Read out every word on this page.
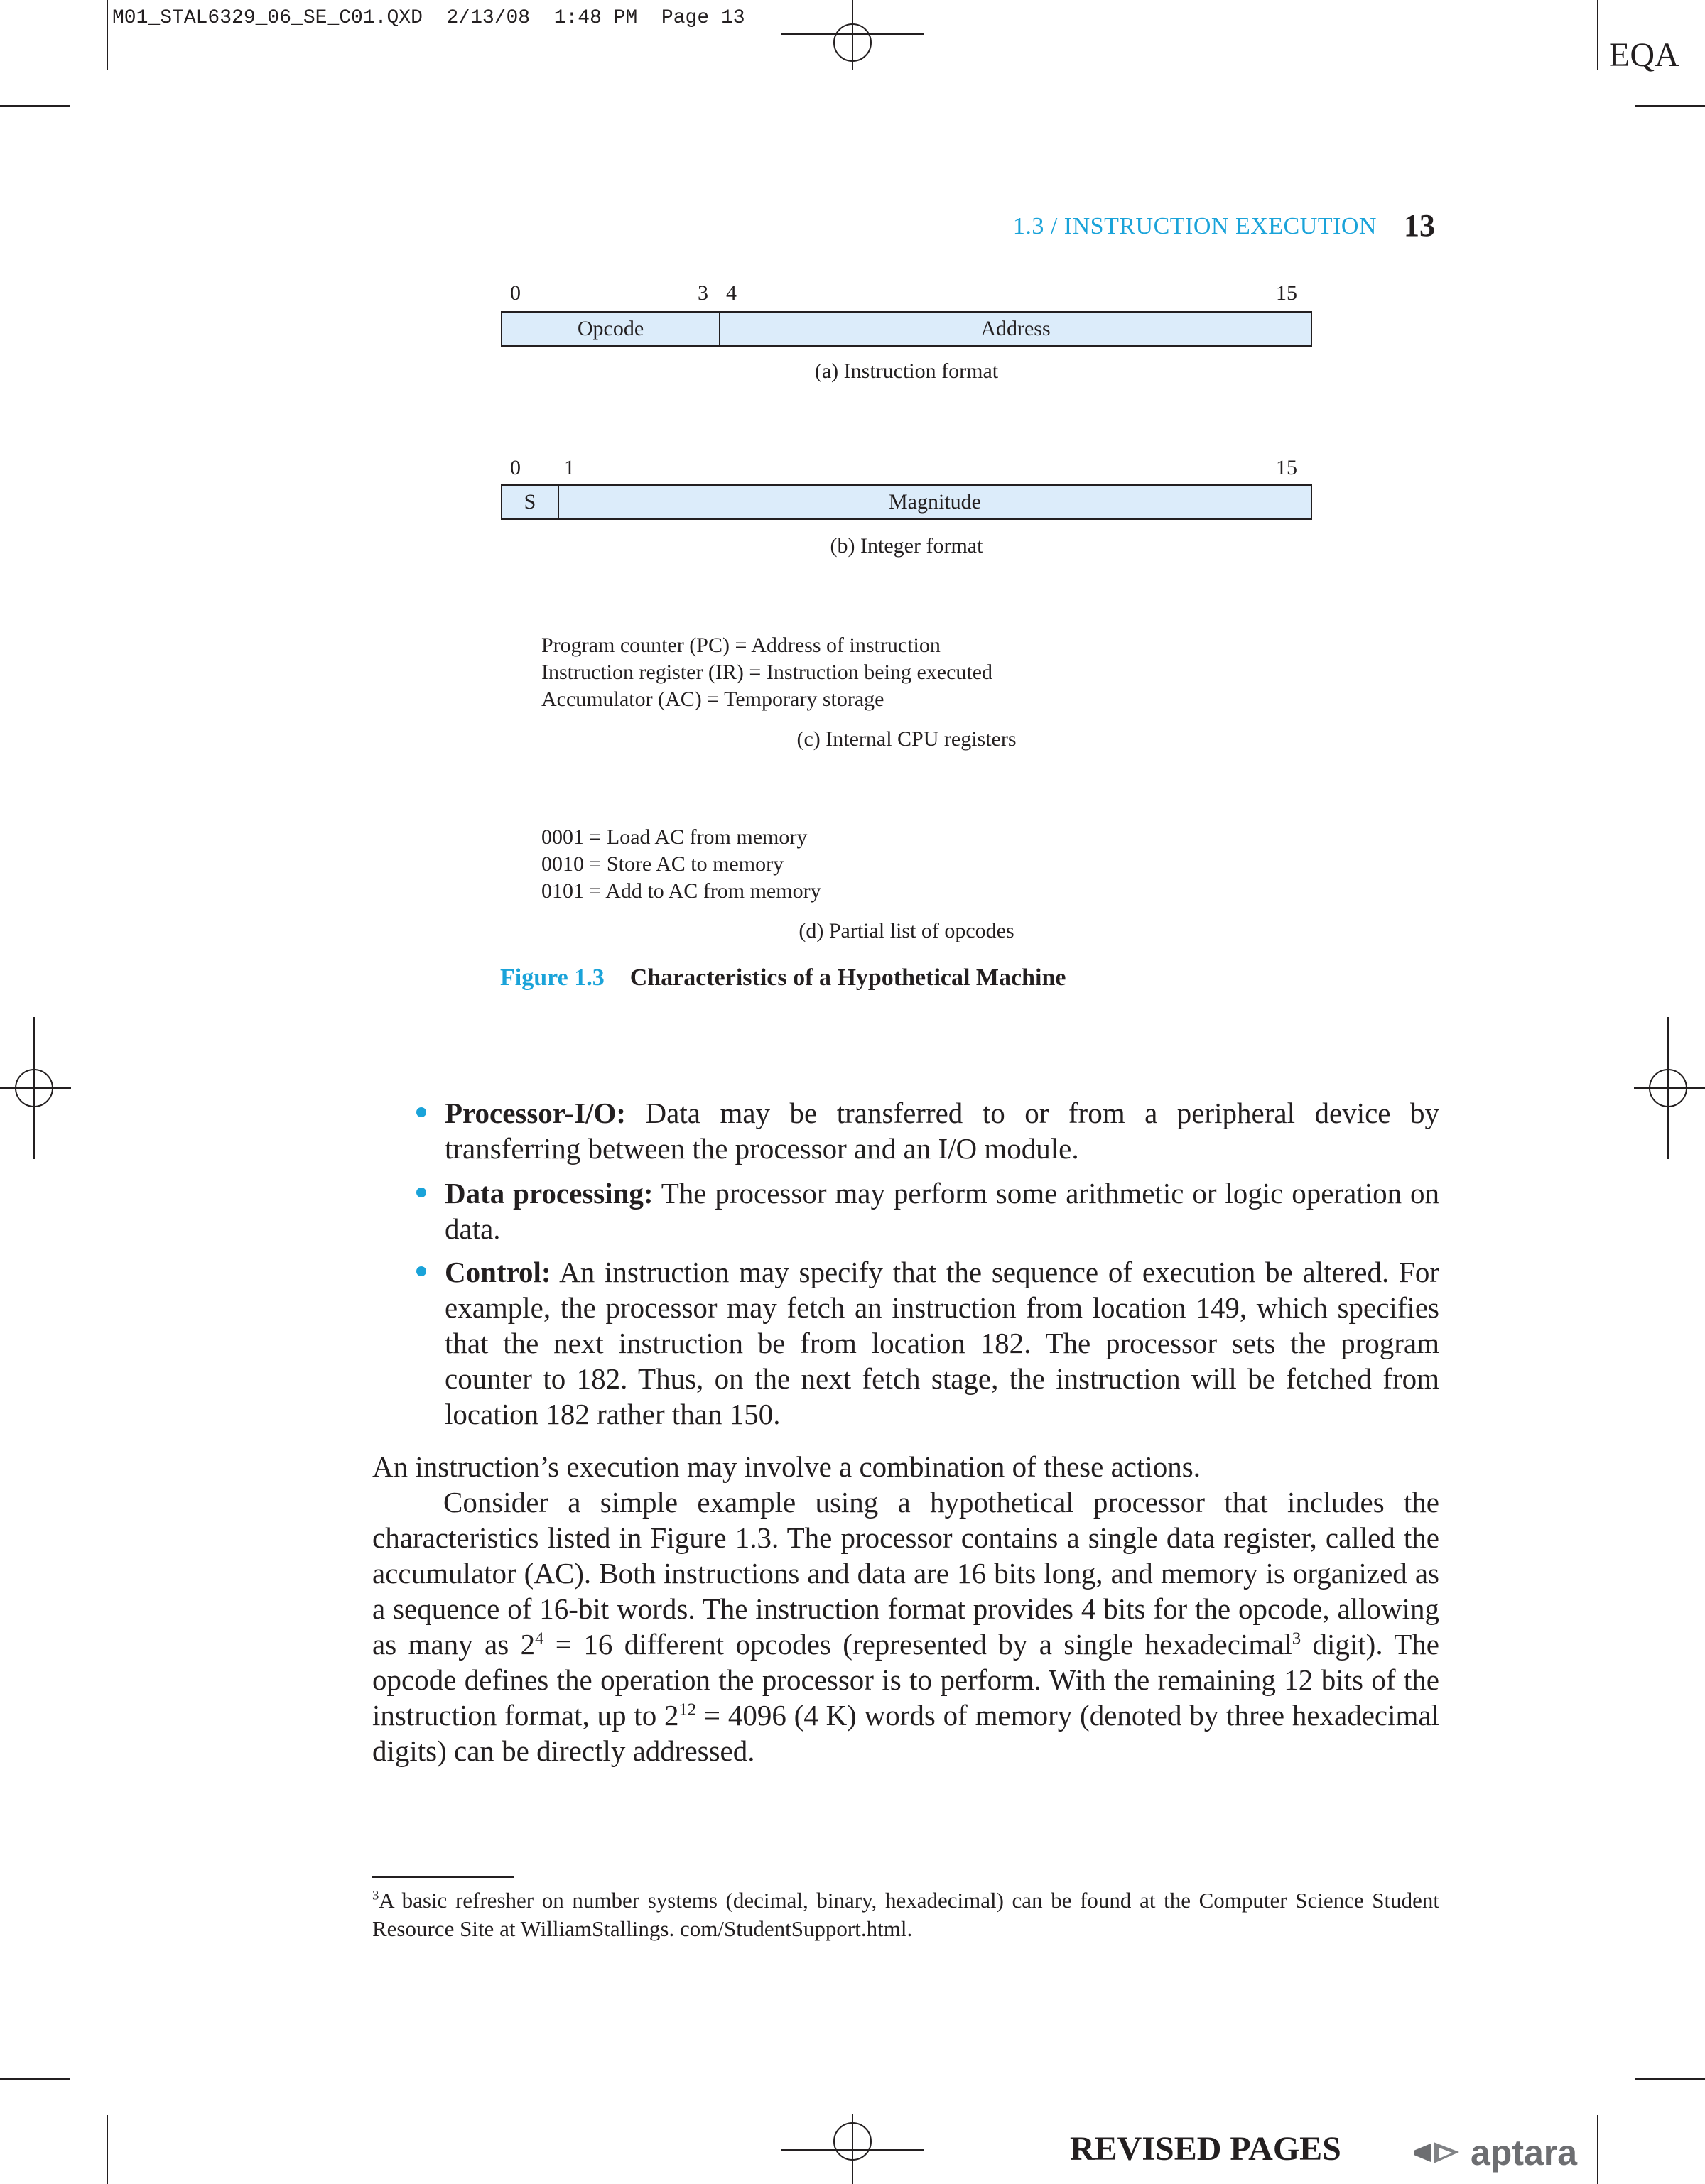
M01_STAL6329_06_SE_C01.QXD  2/13/08  1:48 PM  Page 13
EQA
1.3 / INSTRUCTION EXECUTION 13
0	3 4	15
Opcode	Address
(a) Instruction format
0 1	15
S	Magnitude
(b) Integer format
Program counter (PC) = Address of instruction
Instruction register (IR) = Instruction being executed
Accumulator (AC) = Temporary storage
(c) Internal CPU registers
0001 = Load AC from memory
0010 = Store AC to memory
0101 = Add to AC from memory
(d) Partial list of opcodes
Figure 1.3 Characteristics of a Hypothetical Machine
Processor-I/O: Data may be transferred to or from a peripheral device by transferring between the processor and an I/O module.
Data processing: The processor may perform some arithmetic or logic operation on data.
Control: An instruction may specify that the sequence of execution be altered. For example, the processor may fetch an instruction from location 149, which specifies that the next instruction be from location 182. The processor sets the program counter to 182. Thus, on the next fetch stage, the instruction will be fetched from location 182 rather than 150.
An instruction’s execution may involve a combination of these actions.
Consider a simple example using a hypothetical processor that includes the characteristics listed in Figure 1.3. The processor contains a single data register, called the accumulator (AC). Both instructions and data are 16 bits long, and memory is organized as a sequence of 16-bit words. The instruction format provides 4 bits for the opcode, allowing as many as $2^4 = 16$ different opcodes (represented by a single hexadecimal$^3$ digit). The opcode defines the operation the processor is to perform. With the remaining 12 bits of the instruction format, up to $2^{12} = 4096$ (4 K) words of memory (denoted by three hexadecimal digits) can be directly addressed.
$^3$A basic refresher on number systems (decimal, binary, hexadecimal) can be found at the Computer Science Student Resource Site at WilliamStallings. com/StudentSupport.html.
REVISED PAGES	aptara
